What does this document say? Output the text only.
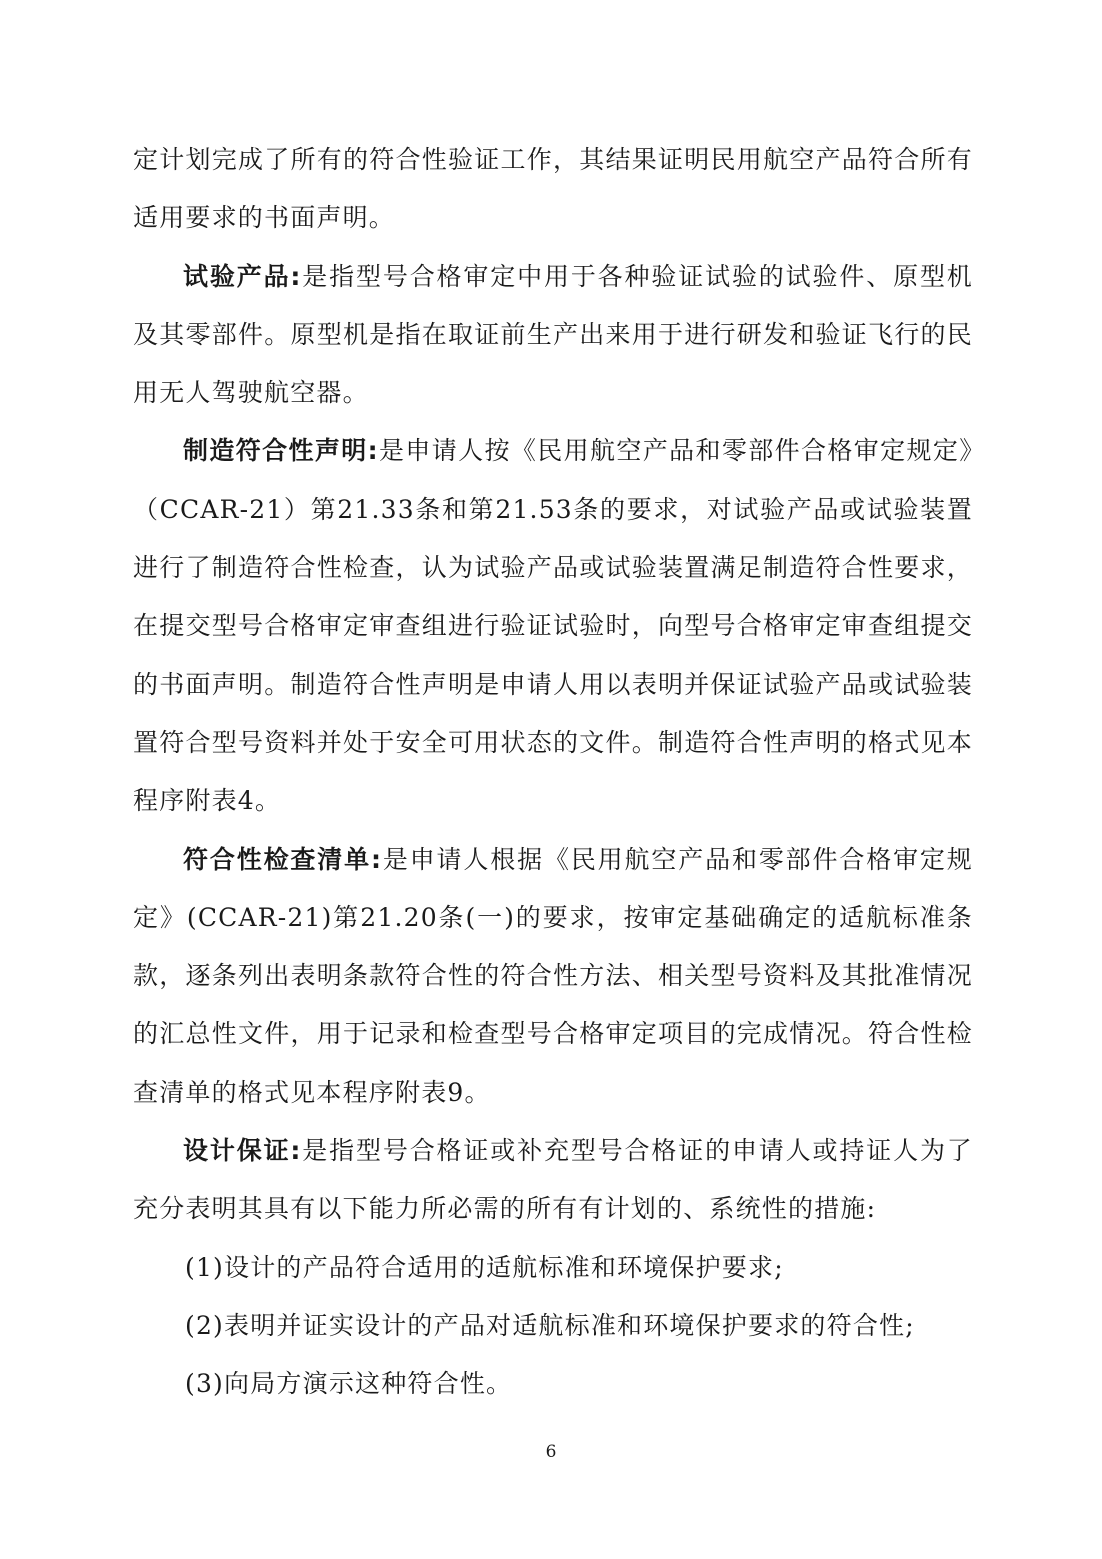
定计划完成了所有的符合性验证工作，其结果证明民用航空产品符合所有适用要求的书面声明。

试验产品:是指型号合格审定中用于各种验证试验的试验件、原型机及其零部件。原型机是指在取证前生产出来用于进行研发和验证飞行的民用无人驾驶航空器。

制造符合性声明:是申请人按《民用航空产品和零部件合格审定规定》（CCAR-21）第21.33条和第21.53条的要求，对试验产品或试验装置进行了制造符合性检查，认为试验产品或试验装置满足制造符合性要求，在提交型号合格审定审查组进行验证试验时，向型号合格审定审查组提交的书面声明。制造符合性声明是申请人用以表明并保证试验产品或试验装置符合型号资料并处于安全可用状态的文件。制造符合性声明的格式见本程序附表4。

符合性检查清单:是申请人根据《民用航空产品和零部件合格审定规定》(CCAR-21)第21.20条(一)的要求，按审定基础确定的适航标准条款，逐条列出表明条款符合性的符合性方法、相关型号资料及其批准情况的汇总性文件，用于记录和检查型号合格审定项目的完成情况。符合性检查清单的格式见本程序附表9。

设计保证:是指型号合格证或补充型号合格证的申请人或持证人为了充分表明其具有以下能力所必需的所有有计划的、系统性的措施:

(1)设计的产品符合适用的适航标准和环境保护要求;

(2)表明并证实设计的产品对适航标准和环境保护要求的符合性;

(3)向局方演示这种符合性。

6
